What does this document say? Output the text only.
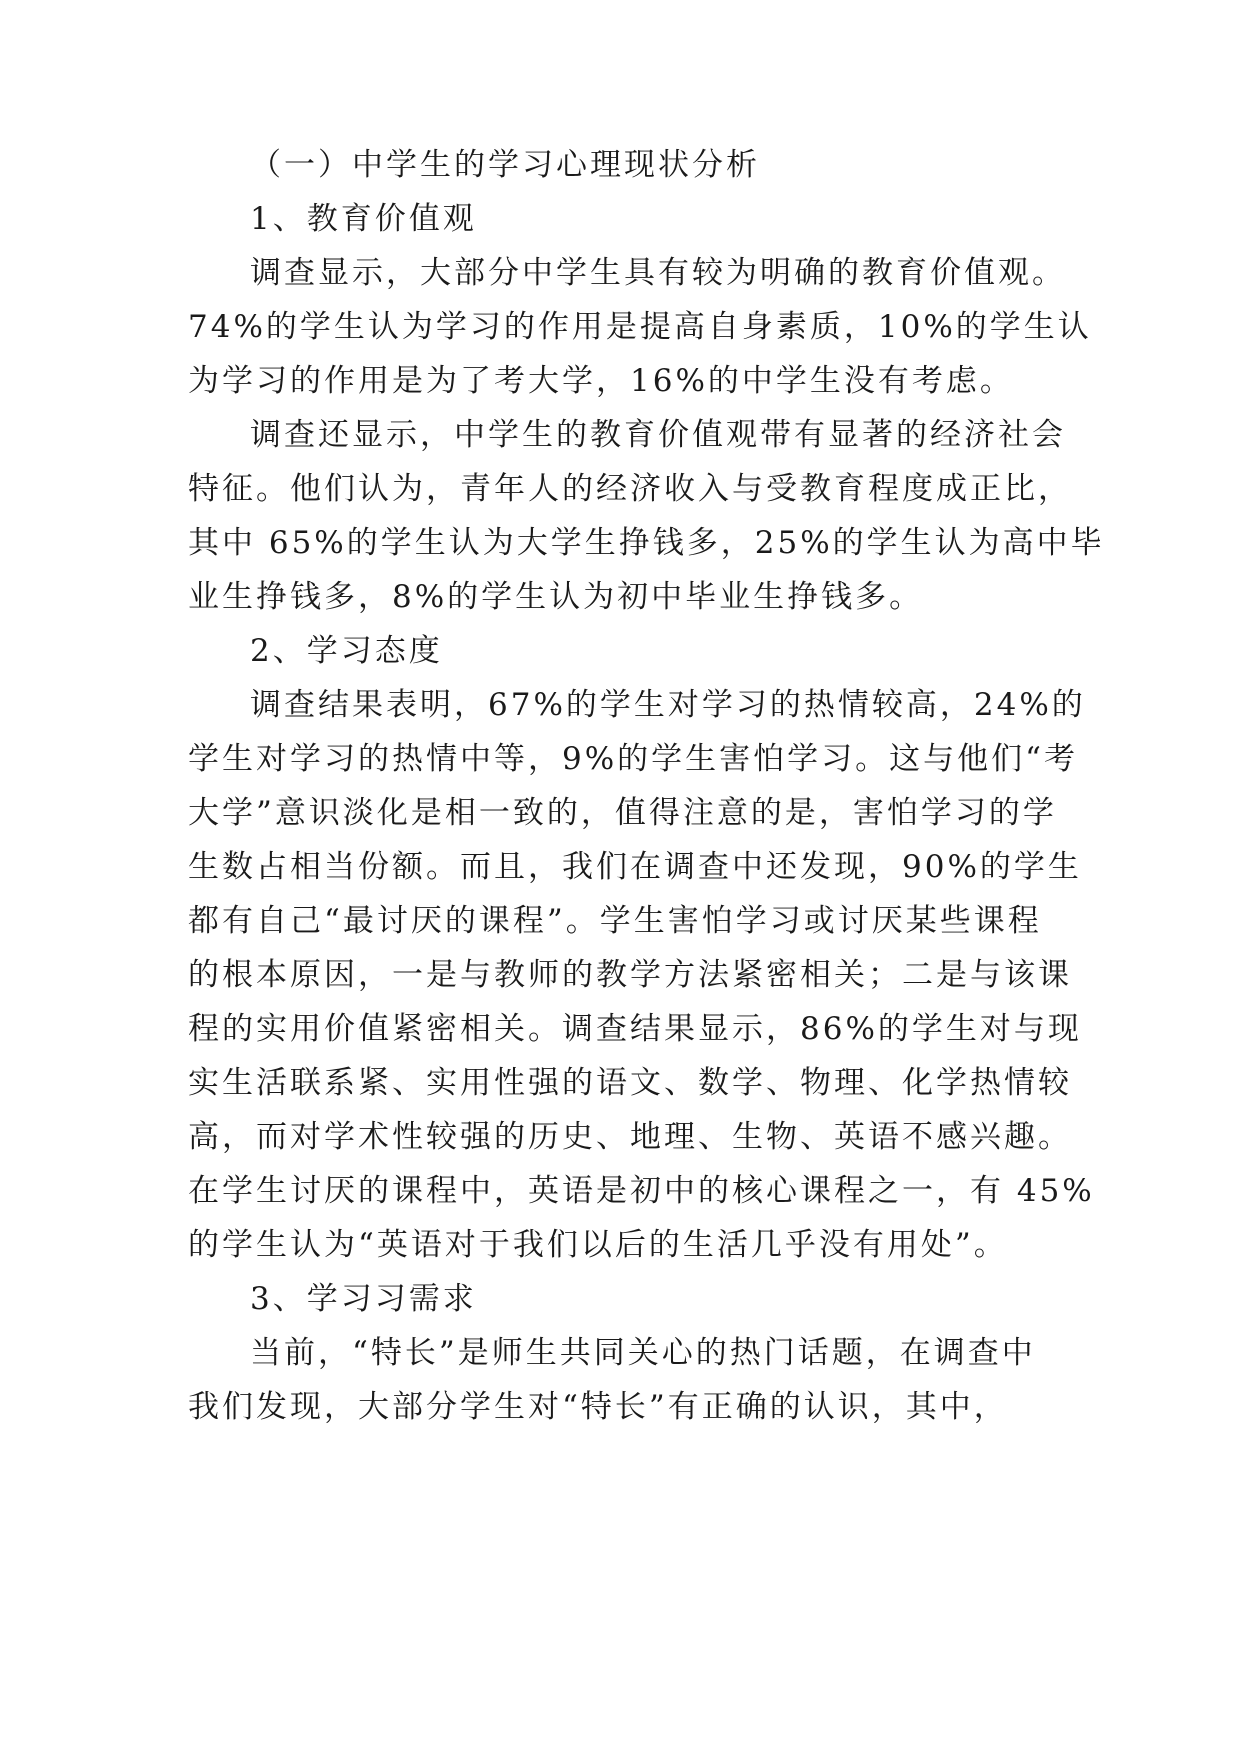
（一）中学生的学习心理现状分析
1、教育价值观
调查显示，大部分中学生具有较为明确的教育价值观。
74%的学生认为学习的作用是提高自身素质，10%的学生认
为学习的作用是为了考大学，16%的中学生没有考虑。
调查还显示，中学生的教育价值观带有显著的经济社会
特征。他们认为，青年人的经济收入与受教育程度成正比，
其中 65%的学生认为大学生挣钱多，25%的学生认为高中毕
业生挣钱多，8%的学生认为初中毕业生挣钱多。
2、学习态度
调查结果表明，67%的学生对学习的热情较高，24%的
学生对学习的热情中等，9%的学生害怕学习。这与他们“考
大学”意识淡化是相一致的，值得注意的是，害怕学习的学
生数占相当份额。而且，我们在调查中还发现，90%的学生
都有自己“最讨厌的课程”。学生害怕学习或讨厌某些课程
的根本原因，一是与教师的教学方法紧密相关；二是与该课
程的实用价值紧密相关。调查结果显示，86%的学生对与现
实生活联系紧、实用性强的语文、数学、物理、化学热情较
高，而对学术性较强的历史、地理、生物、英语不感兴趣。
在学生讨厌的课程中，英语是初中的核心课程之一，有 45%
的学生认为“英语对于我们以后的生活几乎没有用处”。
3、学习习需求
当前，“特长”是师生共同关心的热门话题，在调查中
我们发现，大部分学生对“特长”有正确的认识，其中，
